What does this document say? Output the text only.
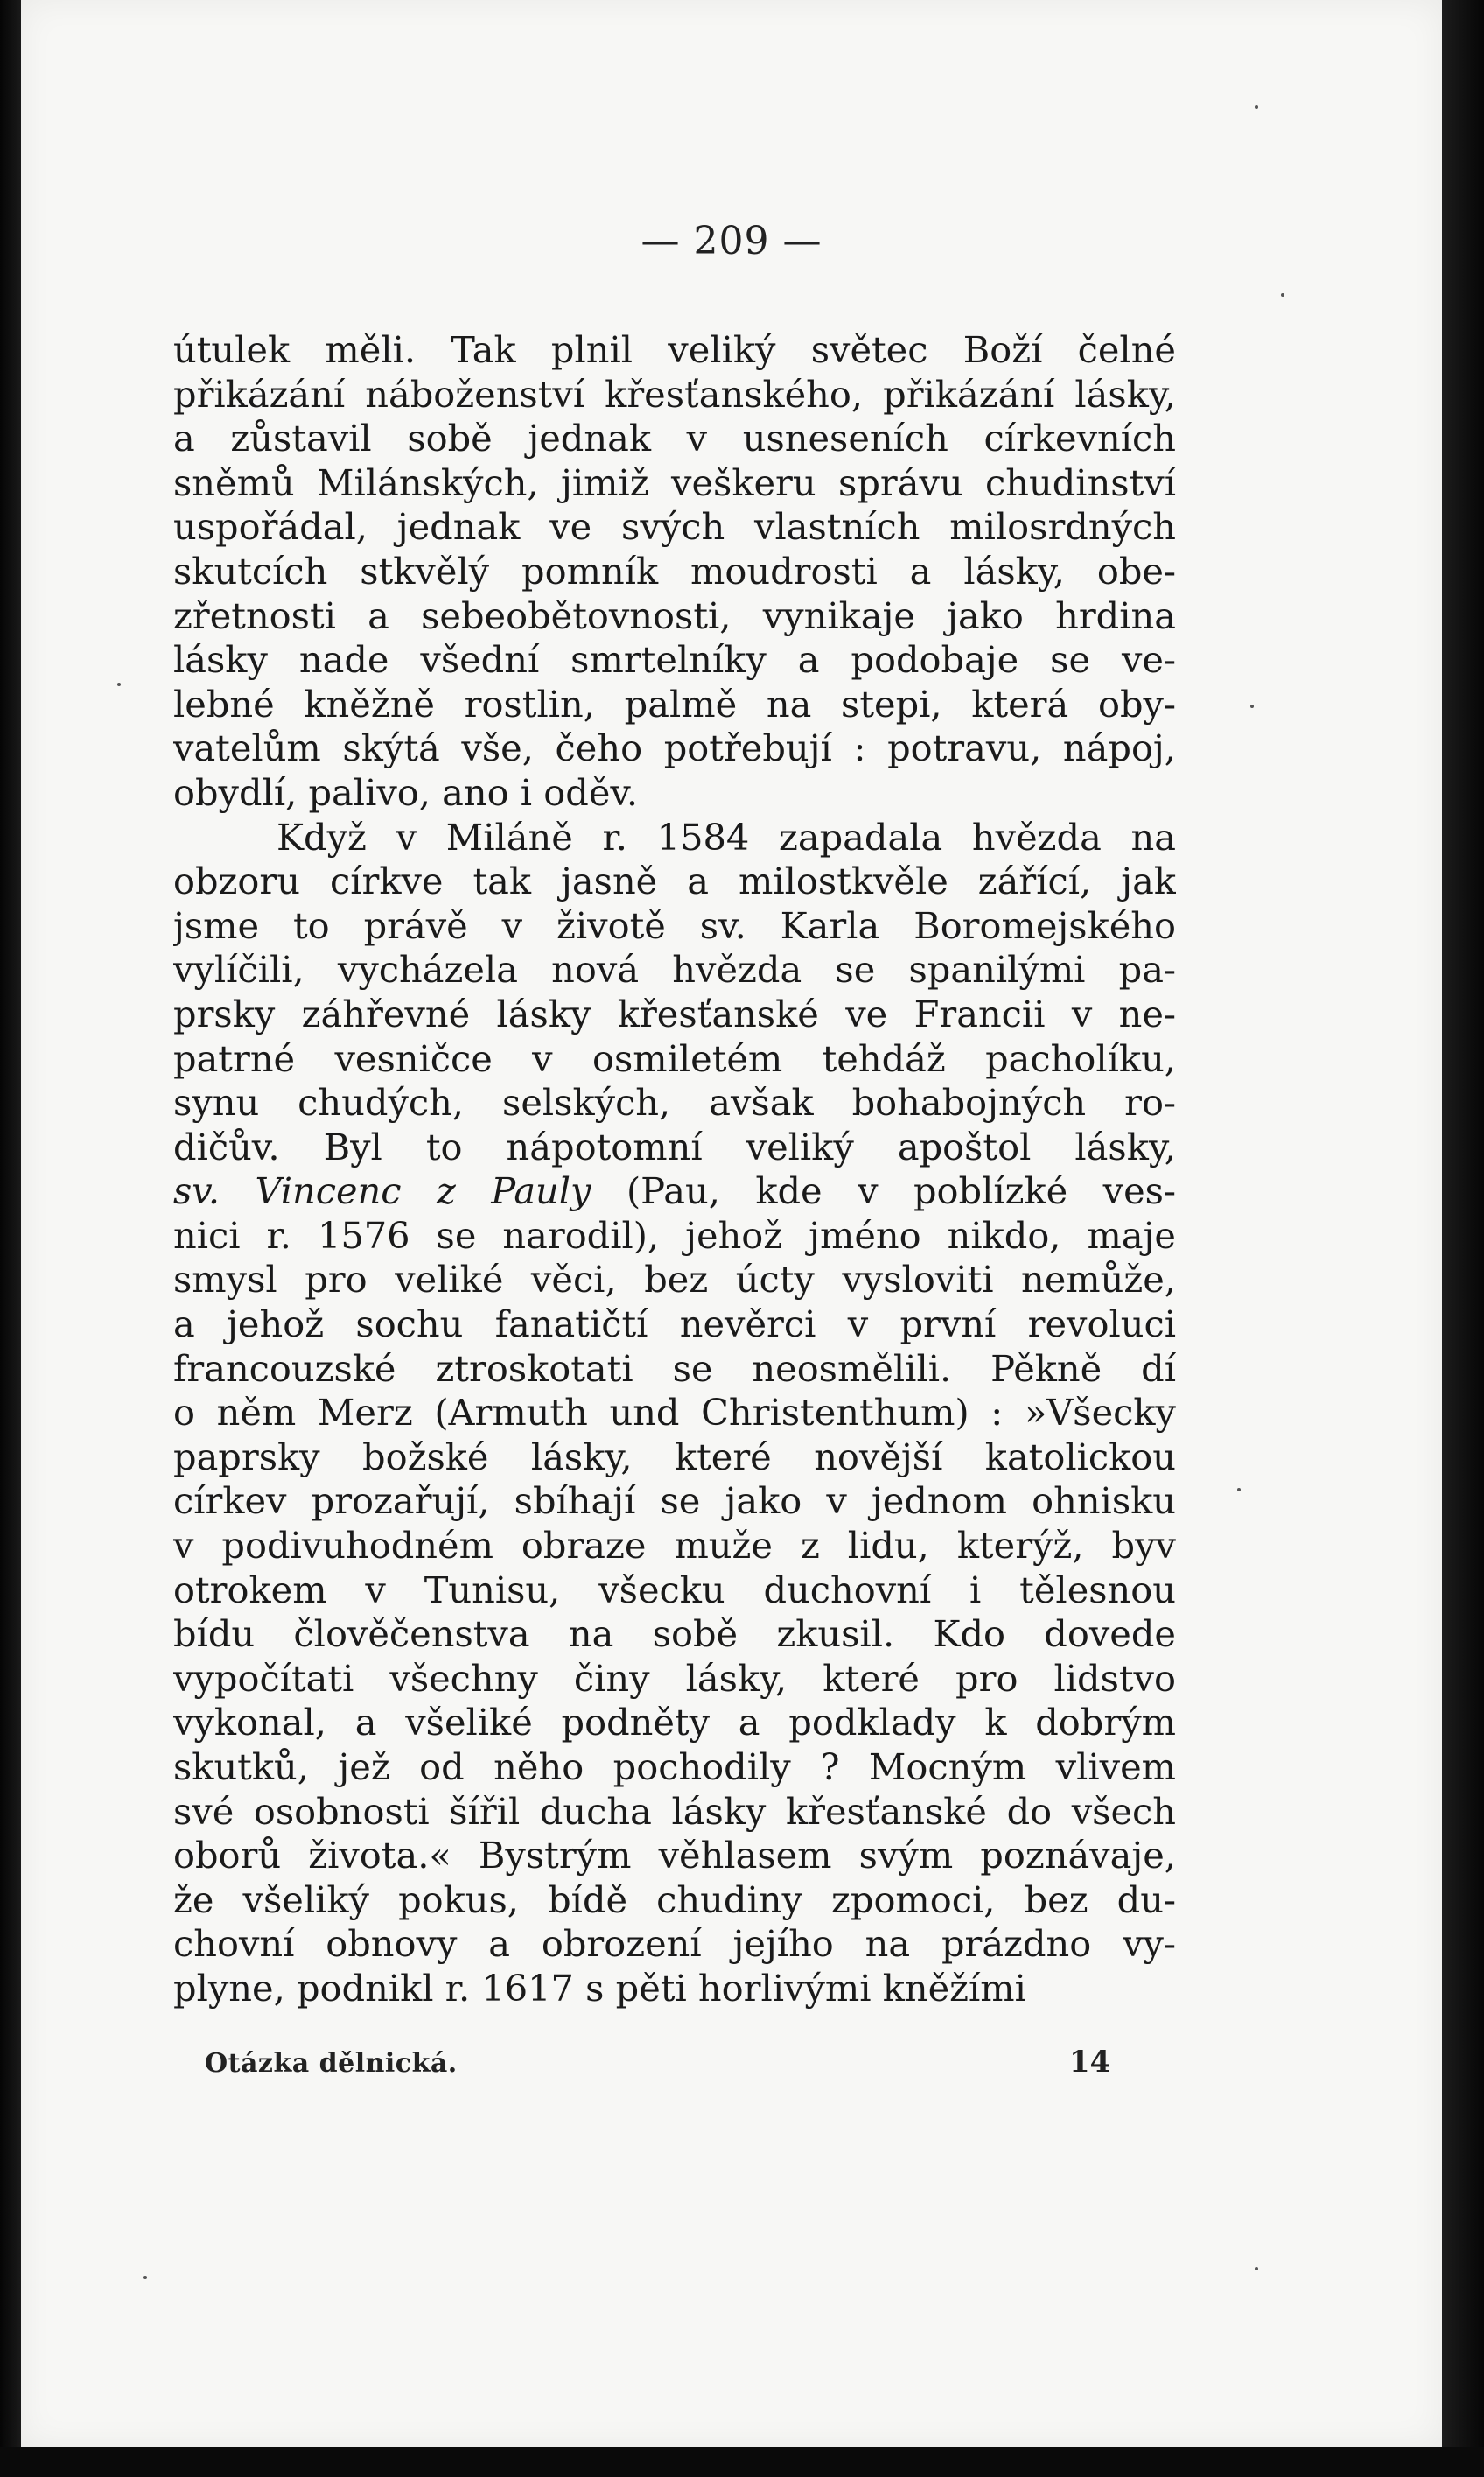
— 209 —
útulek měli. Tak plnil veliký světec Boží čelné
přikázání náboženství křesťanského, přikázání lásky,
a zůstavil sobě jednak v usneseních církevních
sněmů Milánských, jimiž veškeru správu chudinství
uspořádal, jednak ve svých vlastních milosrdných
skutcích stkvělý pomník moudrosti a lásky, obe-
zřetnosti a sebeobětovnosti, vynikaje jako hrdina
lásky nade všední smrtelníky a podobaje se ve-
lebné kněžně rostlin, palmě na stepi, která oby-
vatelům skýtá vše, čeho potřebují : potravu, nápoj,
obydlí, palivo, ano i oděv.
Když v Miláně r. 1584 zapadala hvězda na
obzoru církve tak jasně a milostkvěle zářící, jak
jsme to právě v životě sv. Karla Boromejského
vylíčili, vycházela nová hvězda se spanilými pa-
prsky záhřevné lásky křesťanské ve Francii v ne-
patrné vesničce v osmiletém tehdáž pacholíku,
synu chudých, selských, avšak bohabojných ro-
dičův. Byl to nápotomní veliký apoštol lásky,
sv. Vincenc z Pauly (Pau, kde v poblízké ves-
nici r. 1576 se narodil), jehož jméno nikdo, maje
smysl pro veliké věci, bez úcty vysloviti nemůže,
a jehož sochu fanatičtí nevěrci v první revoluci
francouzské ztroskotati se neosmělili. Pěkně dí
o něm Merz (Armuth und Christenthum) : »Všecky
paprsky božské lásky, které novější katolickou
církev prozařují, sbíhají se jako v jednom ohnisku
v podivuhodném obraze muže z lidu, kterýž, byv
otrokem v Tunisu, všecku duchovní i tělesnou
bídu člověčenstva na sobě zkusil. Kdo dovede
vypočítati všechny činy lásky, které pro lidstvo
vykonal, a všeliké podněty a podklady k dobrým
skutků, jež od něho pochodily ? Mocným vlivem
své osobnosti šířil ducha lásky křesťanské do všech
oborů života.« Bystrým věhlasem svým poznávaje,
že všeliký pokus, bídě chudiny zpomoci, bez du-
chovní obnovy a obrození jejího na prázdno vy-
plyne, podnikl r. 1617 s pěti horlivými kněžími
Otázka dělnická.	14
